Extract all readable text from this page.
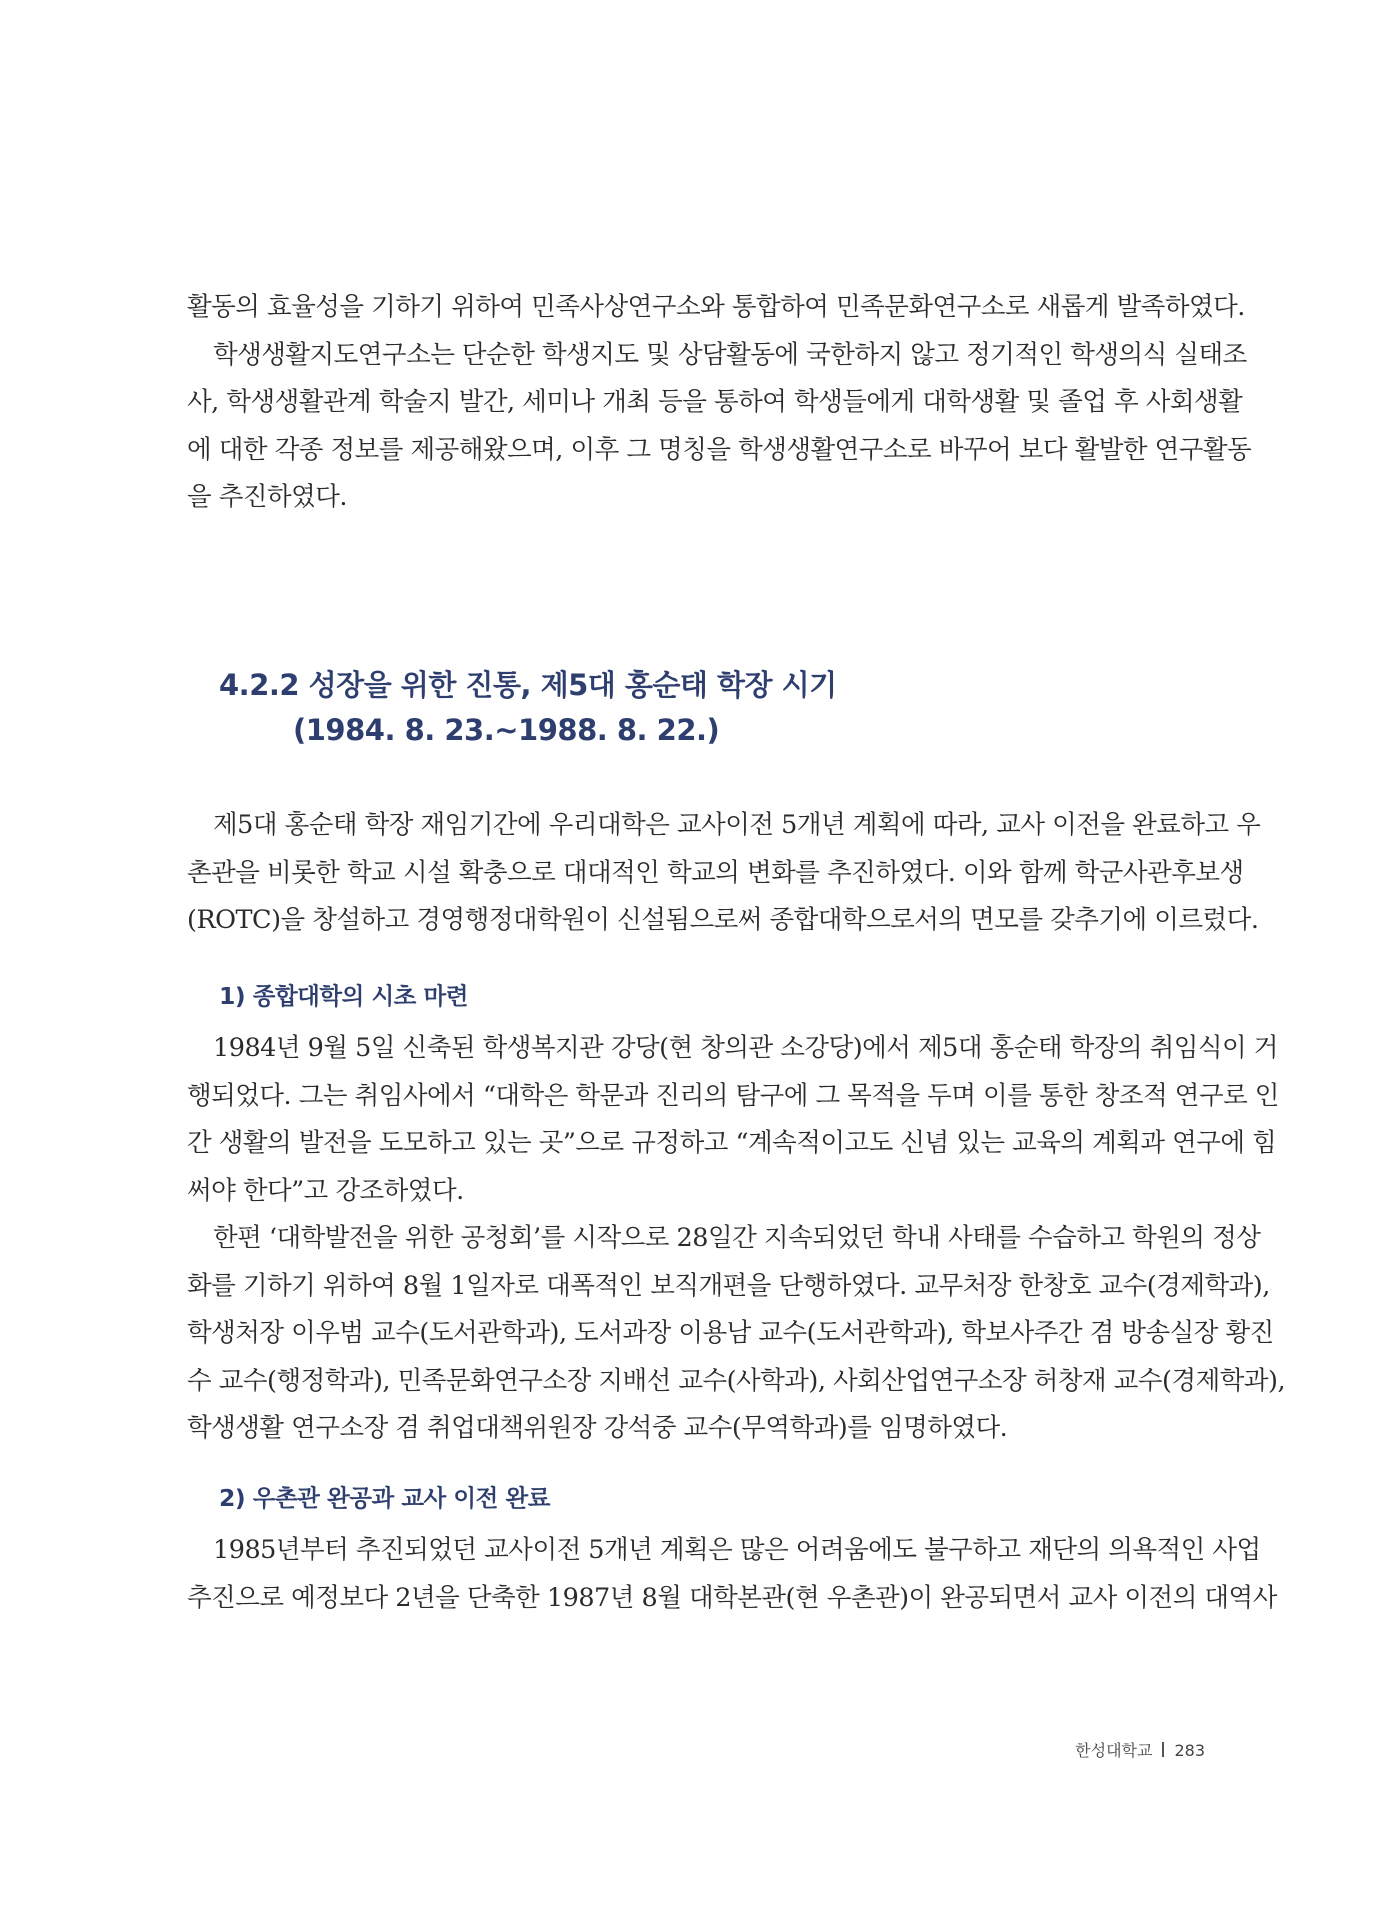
활동의 효율성을 기하기 위하여 민족사상연구소와 통합하여 민족문화연구소로 새롭게 발족하였다.
학생생활지도연구소는 단순한 학생지도 및 상담활동에 국한하지 않고 정기적인 학생의식 실태조
사, 학생생활관계 학술지 발간, 세미나 개최 등을 통하여 학생들에게 대학생활 및 졸업 후 사회생활
에 대한 각종 정보를 제공해왔으며, 이후 그 명칭을 학생생활연구소로 바꾸어 보다 활발한 연구활동
을 추진하였다.
4.2.2 성장을 위한 진통, 제5대 홍순태 학장 시기
(1984. 8. 23.~1988. 8. 22.)
제5대 홍순태 학장 재임기간에 우리대학은 교사이전 5개년 계획에 따라, 교사 이전을 완료하고 우
촌관을 비롯한 학교 시설 확충으로 대대적인 학교의 변화를 추진하였다. 이와 함께 학군사관후보생
(ROTC)을 창설하고 경영행정대학원이 신설됨으로써 종합대학으로서의 면모를 갖추기에 이르렀다.
1) 종합대학의 시초 마련
1984년 9월 5일 신축된 학생복지관 강당(현 창의관 소강당)에서 제5대 홍순태 학장의 취임식이 거
행되었다. 그는 취임사에서 “대학은 학문과 진리의 탐구에 그 목적을 두며 이를 통한 창조적 연구로 인
간 생활의 발전을 도모하고 있는 곳”으로 규정하고 “계속적이고도 신념 있는 교육의 계획과 연구에 힘
써야 한다”고 강조하였다.
한편 ‘대학발전을 위한 공청회’를 시작으로 28일간 지속되었던 학내 사태를 수습하고 학원의 정상
화를 기하기 위하여 8월 1일자로 대폭적인 보직개편을 단행하였다. 교무처장 한창호 교수(경제학과),
학생처장 이우범 교수(도서관학과), 도서과장 이용남 교수(도서관학과), 학보사주간 겸 방송실장 황진
수 교수(행정학과), 민족문화연구소장 지배선 교수(사학과), 사회산업연구소장 허창재 교수(경제학과),
학생생활 연구소장 겸 취업대책위원장 강석중 교수(무역학과)를 임명하였다.
2) 우촌관 완공과 교사 이전 완료
1985년부터 추진되었던 교사이전 5개년 계획은 많은 어려움에도 불구하고 재단의 의욕적인 사업
추진으로 예정보다 2년을 단축한 1987년 8월 대학본관(현 우촌관)이 완공되면서 교사 이전의 대역사
한성대학교 283
